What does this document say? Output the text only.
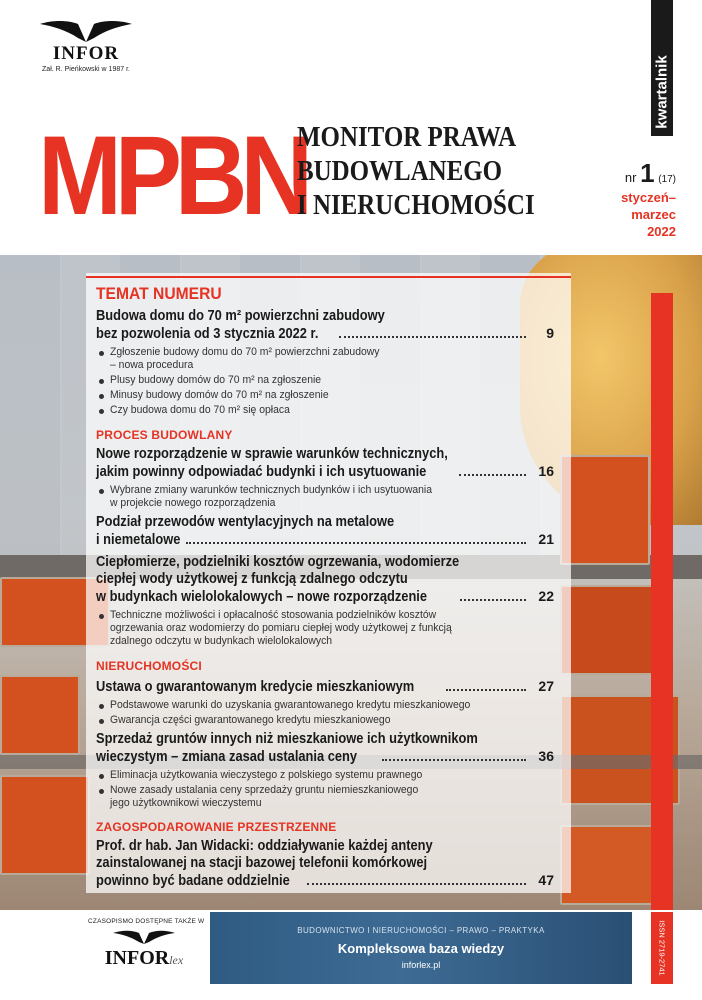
INFOR
Zał. R. Pieńkowski w 1987 r.	kwartalnik
MPBN
MONITOR PRAWA
BUDOWLANEGO
I NIERUCHOMOŚCI
nr 1 (17)
styczeń–marzec
2022
TEMAT NUMERU
Budowa domu do 70 m² powierzchni zabudowy
bez pozwolenia od 3 stycznia 2022 r.	9
Zgłoszenie budowy domu do 70 m² powierzchni zabudowy
– nowa procedura
Plusy budowy domów do 70 m² na zgłoszenie
Minusy budowy domów do 70 m² na zgłoszenie
Czy budowa domu do 70 m² się opłaca
PROCES BUDOWLANY
Nowe rozporządzenie w sprawie warunków technicznych,
jakim powinny odpowiadać budynki i ich usytuowanie	16
Wybrane zmiany warunków technicznych budynków i ich usytuowania
w projekcie nowego rozporządzenia
Podział przewodów wentylacyjnych na metalowe
i niemetalowe	21
Ciepłomierze, podzielniki kosztów ogrzewania, wodomierze
ciepłej wody użytkowej z funkcją zdalnego odczytu
w budynkach wielolokalowych – nowe rozporządzenie	22
Techniczne możliwości i opłacalność stosowania podzielników kosztów
ogrzewania oraz wodomierzy do pomiaru ciepłej wody użytkowej z funkcją
zdalnego odczytu w budynkach wielolokalowych
NIERUCHOMOŚCI
Ustawa o gwarantowanym kredycie mieszkaniowym	27
Podstawowe warunki do uzyskania gwarantowanego kredytu mieszkaniowego
Gwarancja części gwarantowanego kredytu mieszkaniowego
Sprzedaż gruntów innych niż mieszkaniowe ich użytkownikom
wieczystym – zmiana zasad ustalania ceny	36
Eliminacja użytkowania wieczystego z polskiego systemu prawnego
Nowe zasady ustalania ceny sprzedaży gruntu niemieszkaniowego
jego użytkownikowi wieczystemu
ZAGOSPODAROWANIE PRZESTRZENNE
Prof. dr hab. Jan Widacki: oddziaływanie każdej anteny
zainstalowanej na stacji bazowej telefonii komórkowej
powinno być badane oddzielnie	47
CZASOPISMO DOSTĘPNE TAKŻE W
INFORlex
BUDOWNICTWO I NIERUCHOMOŚCI – PRAWO – PRAKTYKA
Kompleksowa baza wiedzy
inforlex.pl	ISSN 2719-2741
